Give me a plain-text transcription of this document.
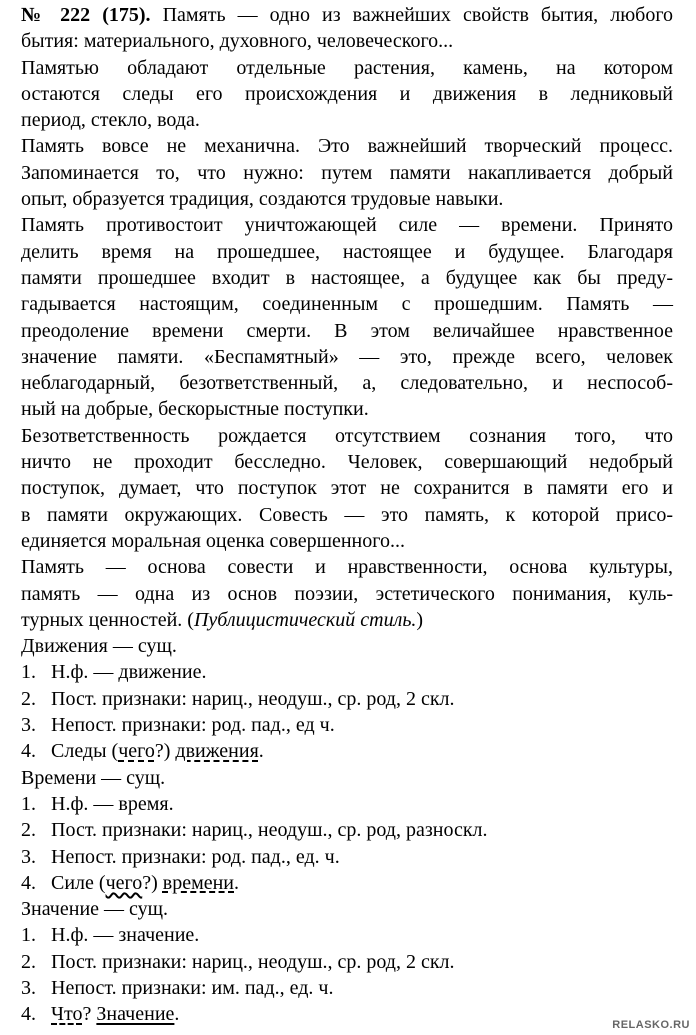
№ 222 (175). Память — одно из важнейших свойств бытия, любого
бытия: материального, духовного, человеческого...
Памятью обладают отдельные растения, камень, на котором
остаются следы его происхождения и движения в ледниковый
период, стекло, вода.
Память вовсе не механична. Это важнейший творческий процесс.
Запоминается то, что нужно: путем памяти накапливается добрый
опыт, образуется традиция, создаются трудовые навыки.
Память противостоит уничтожающей силе — времени. Принято
делить время на прошедшее, настоящее и будущее. Благодаря
памяти прошедшее входит в настоящее, а будущее как бы преду-
гадывается настоящим, соединенным с прошедшим. Память —
преодоление времени смерти. В этом величайшее нравственное
значение памяти. «Беспамятный» — это, прежде всего, человек
неблагодарный, безответственный, а, следовательно, и неспособ-
ный на добрые, бескорыстные поступки.
Безответственность рождается отсутствием сознания того, что
ничто не проходит бесследно. Человек, совершающий недобрый
поступок, думает, что поступок этот не сохранится в памяти его и
в памяти окружающих. Совесть — это память, к которой присо-
единяется моральная оценка совершенного...
Память — основа совести и нравственности, основа культуры,
память — одна из основ поэзии, эстетического понимания, куль-
турных ценностей. (Публицистический стиль.)

Движения — сущ.

1. Н.ф. — движение.

2. Пост. признаки: нариц., неодуш., ср. род, 2 скл.

3. Непост. признаки: род. пад., ед ч.

4. Следы (чего?) движения.

Времени — сущ.

1. Н.ф. — время.

2. Пост. признаки: нариц., неодуш., ср. род, разноскл.

3. Непост. признаки: род. пад., ед. ч.

4. Силе (чего?) времени.

Значение — сущ.

1. Н.ф. — значение.

2. Пост. признаки: нариц., неодуш., ср. род, 2 скл.

3. Непост. признаки: им. пад., ед. ч.

4. Что? Значение.	RELASKO.RU
